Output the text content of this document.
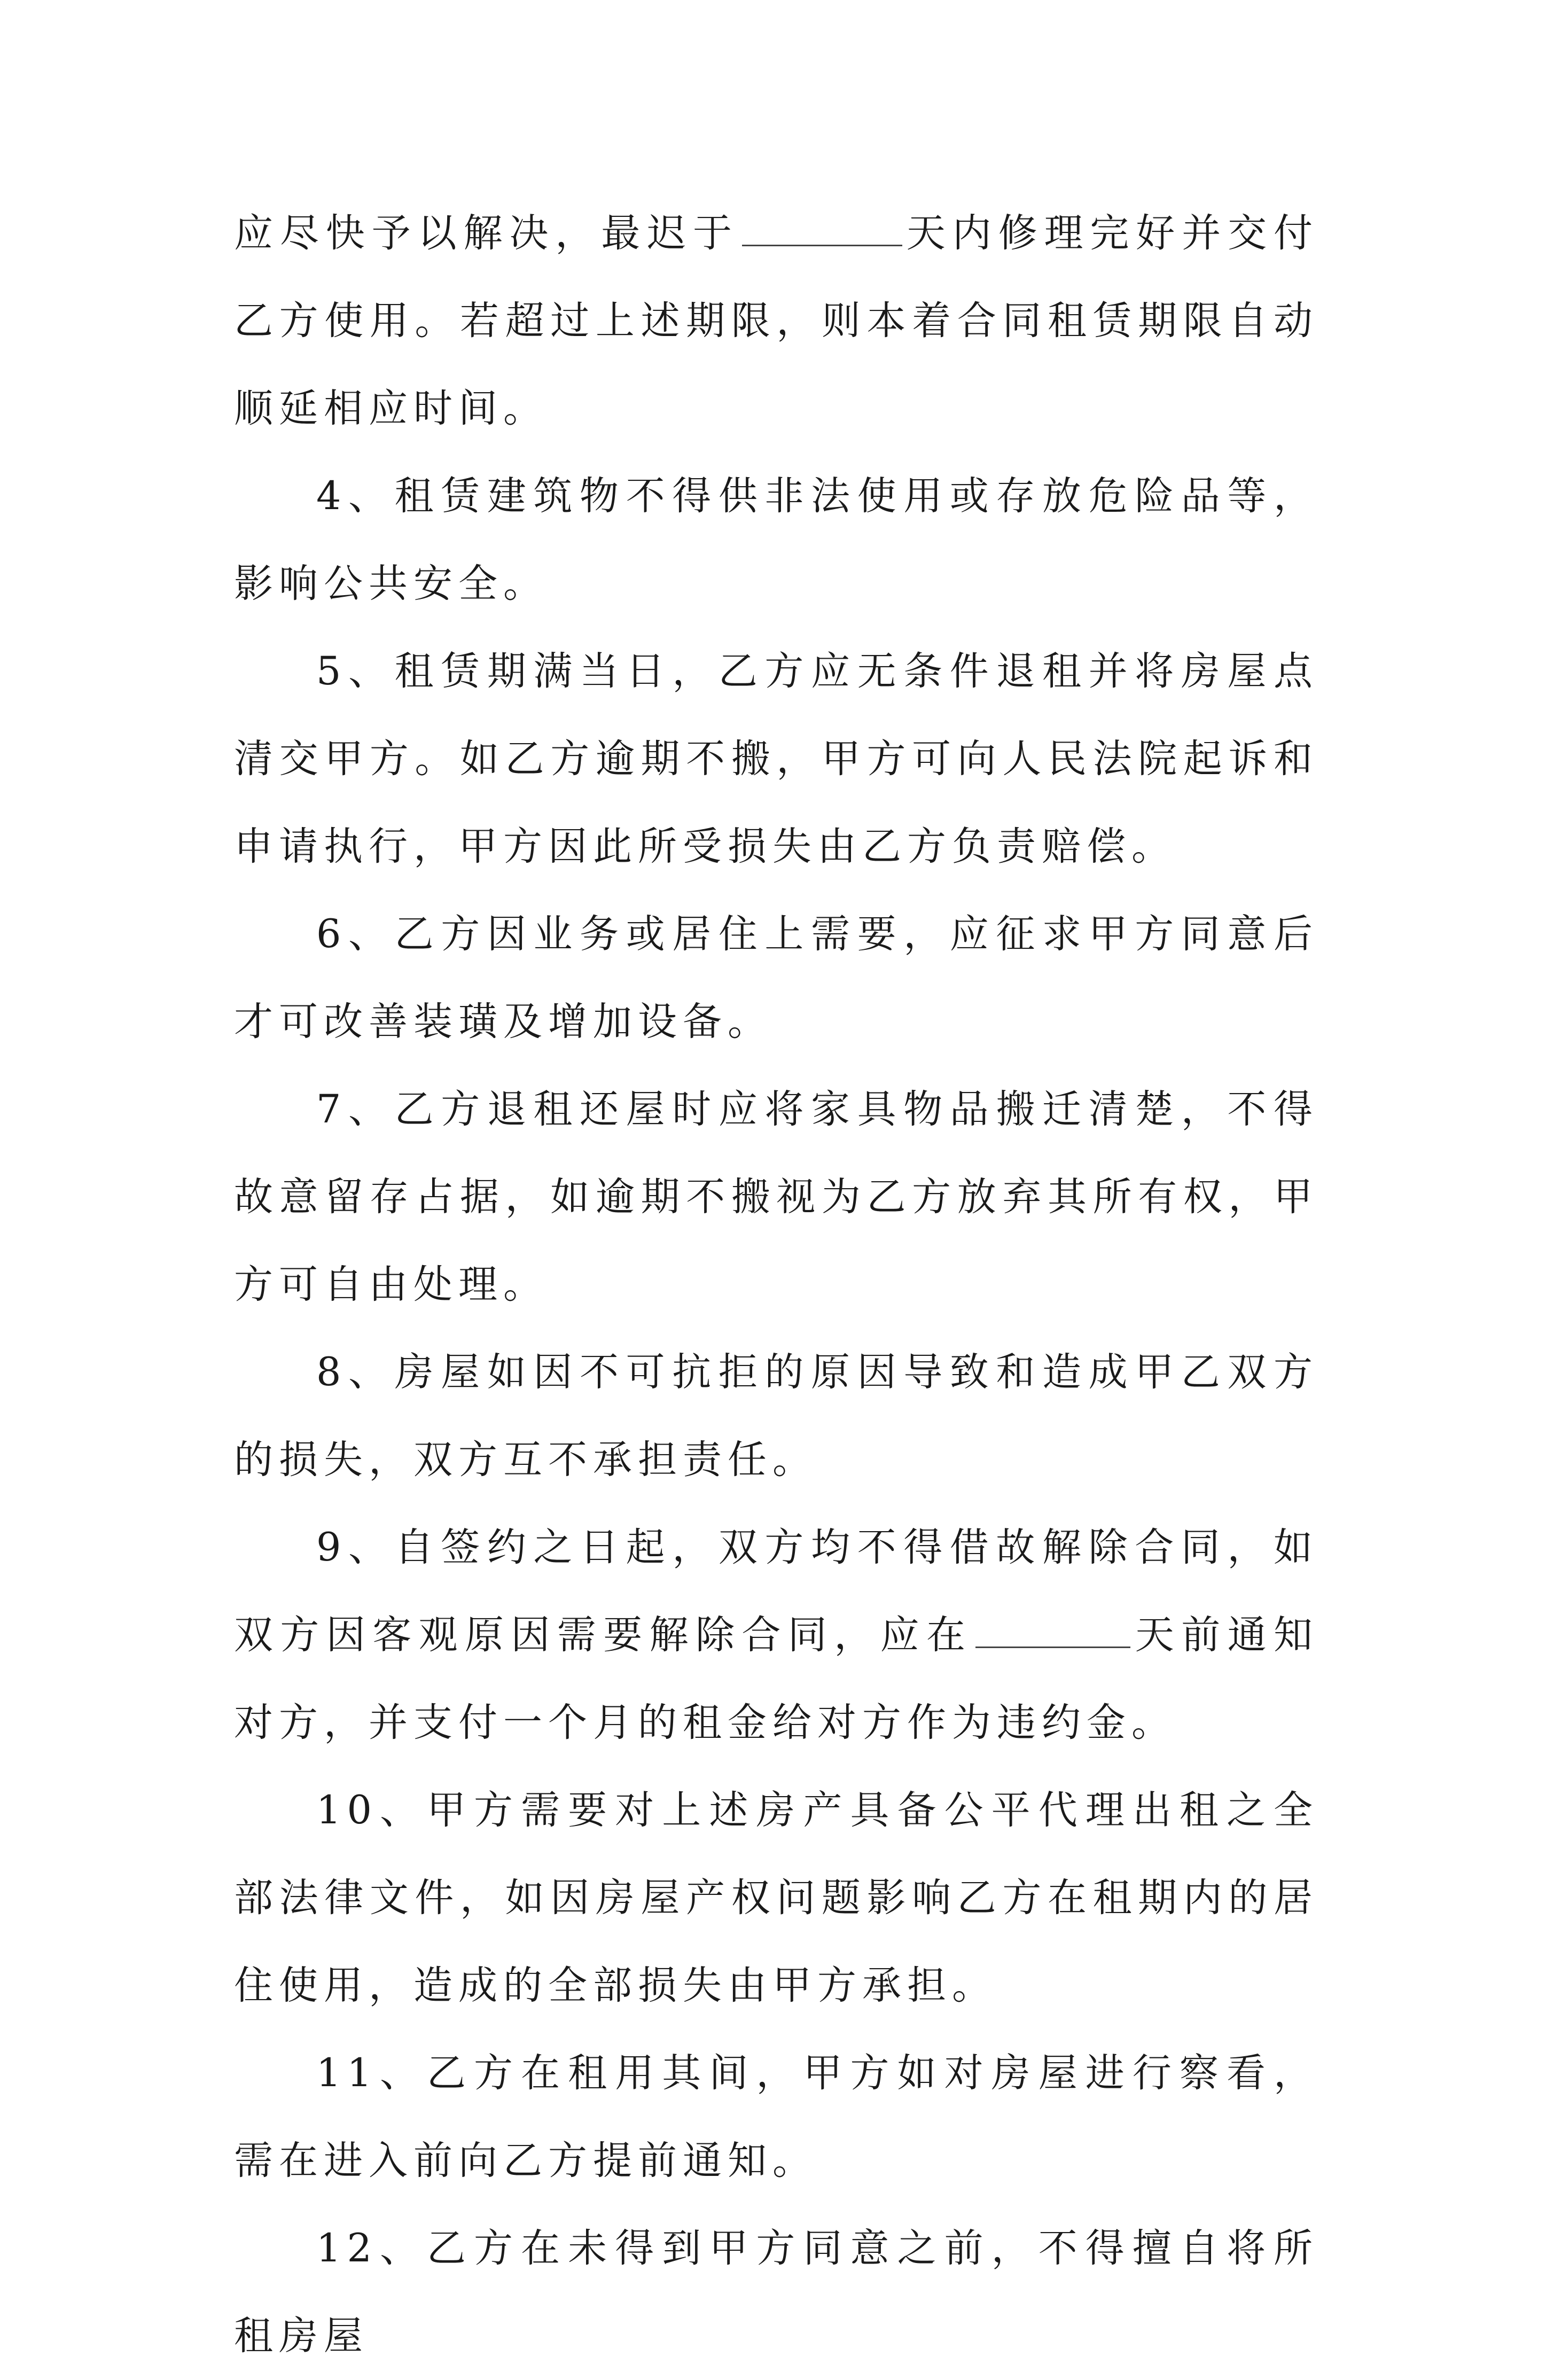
应尽快予以解决，最迟于	天内修理完好并交付乙方使用。若超过上述期限，则本着合同租赁期限自动顺延相应时间。

4、租赁建筑物不得供非法使用或存放危险品等，影响公共安全。

5、租赁期满当日，乙方应无条件退租并将房屋点清交甲方。如乙方逾期不搬，甲方可向人民法院起诉和申请执行，甲方因此所受损失由乙方负责赔偿。

6、乙方因业务或居住上需要，应征求甲方同意后才可改善装璜及增加设备。

7、乙方退租还屋时应将家具物品搬迁清楚，不得故意留存占据，如逾期不搬视为乙方放弃其所有权，甲方可自由处理。

8、房屋如因不可抗拒的原因导致和造成甲乙双方的损失，双方互不承担责任。

9、自签约之日起，双方均不得借故解除合同，如双方因客观原因需要解除合同，应在	天前通知对方，并支付一个月的租金给对方作为违约金。

10、甲方需要对上述房产具备公平代理出租之全部法律文件，如因房屋产权问题影响乙方在租期内的居住使用，造成的全部损失由甲方承担。

11、乙方在租用其间，甲方如对房屋进行察看，需在进入前向乙方提前通知。

12、乙方在未得到甲方同意之前，不得擅自将所租房屋
